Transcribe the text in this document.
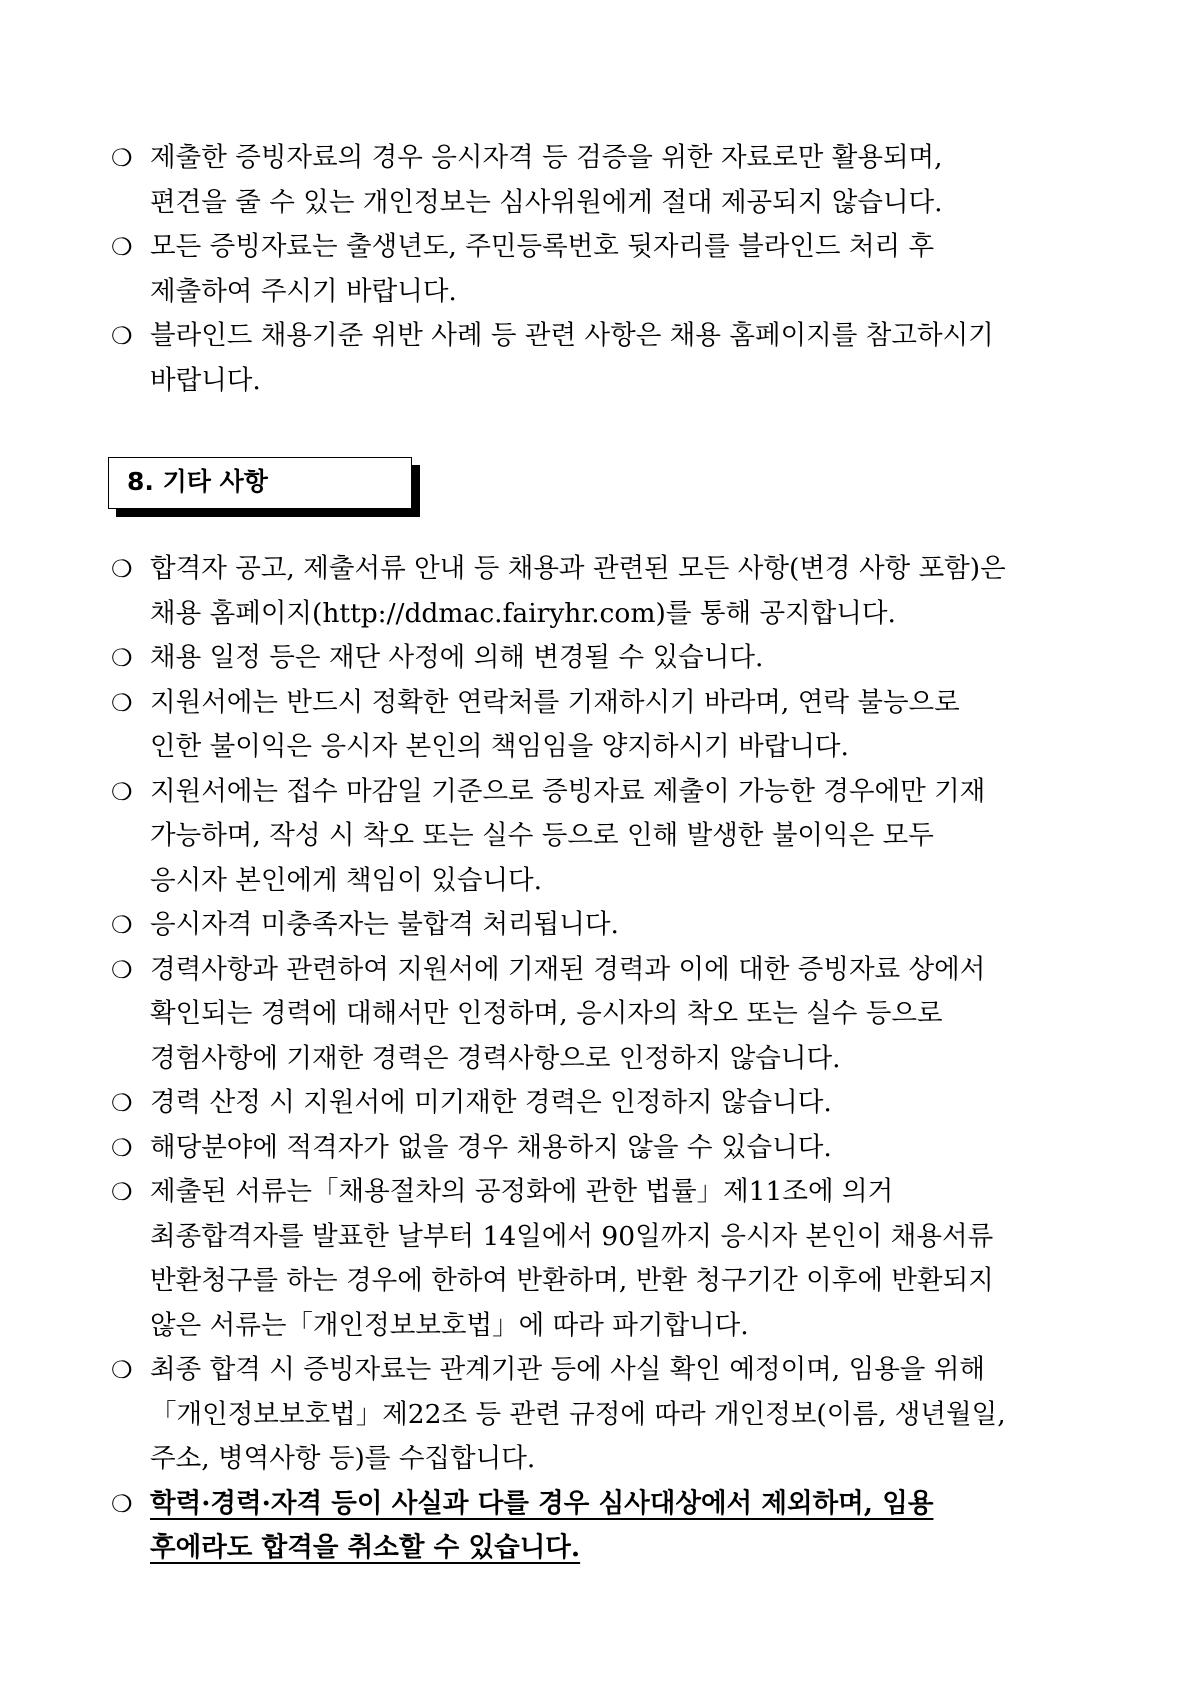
❍ 제출한 증빙자료의 경우 응시자격 등 검증을 위한 자료로만 활용되며,
편견을 줄 수 있는 개인정보는 심사위원에게 절대 제공되지 않습니다.
❍ 모든 증빙자료는 출생년도, 주민등록번호 뒷자리를 블라인드 처리 후
제출하여 주시기 바랍니다.
❍ 블라인드 채용기준 위반 사례 등 관련 사항은 채용 홈페이지를 참고하시기
바랍니다.
8. 기타 사항
❍ 합격자 공고, 제출서류 안내 등 채용과 관련된 모든 사항(변경 사항 포함)은
채용 홈페이지(http://ddmac.fairyhr.com)를 통해 공지합니다.
❍ 채용 일정 등은 재단 사정에 의해 변경될 수 있습니다.
❍ 지원서에는 반드시 정확한 연락처를 기재하시기 바라며, 연락 불능으로
인한 불이익은 응시자 본인의 책임임을 양지하시기 바랍니다.
❍ 지원서에는 접수 마감일 기준으로 증빙자료 제출이 가능한 경우에만 기재
가능하며, 작성 시 착오 또는 실수 등으로 인해 발생한 불이익은 모두
응시자 본인에게 책임이 있습니다.
❍ 응시자격 미충족자는 불합격 처리됩니다.
❍ 경력사항과 관련하여 지원서에 기재된 경력과 이에 대한 증빙자료 상에서
확인되는 경력에 대해서만 인정하며, 응시자의 착오 또는 실수 등으로
경험사항에 기재한 경력은 경력사항으로 인정하지 않습니다.
❍ 경력 산정 시 지원서에 미기재한 경력은 인정하지 않습니다.
❍ 해당분야에 적격자가 없을 경우 채용하지 않을 수 있습니다.
❍ 제출된 서류는「채용절차의 공정화에 관한 법률」제11조에 의거
최종합격자를 발표한 날부터 14일에서 90일까지 응시자 본인이 채용서류
반환청구를 하는 경우에 한하여 반환하며, 반환 청구기간 이후에 반환되지
않은 서류는「개인정보보호법」에 따라 파기합니다.
❍ 최종 합격 시 증빙자료는 관계기관 등에 사실 확인 예정이며, 임용을 위해
「개인정보보호법」제22조 등 관련 규정에 따라 개인정보(이름, 생년월일,
주소, 병역사항 등)를 수집합니다.
❍ 학력·경력·자격 등이 사실과 다를 경우 심사대상에서 제외하며, 임용
후에라도 합격을 취소할 수 있습니다.
